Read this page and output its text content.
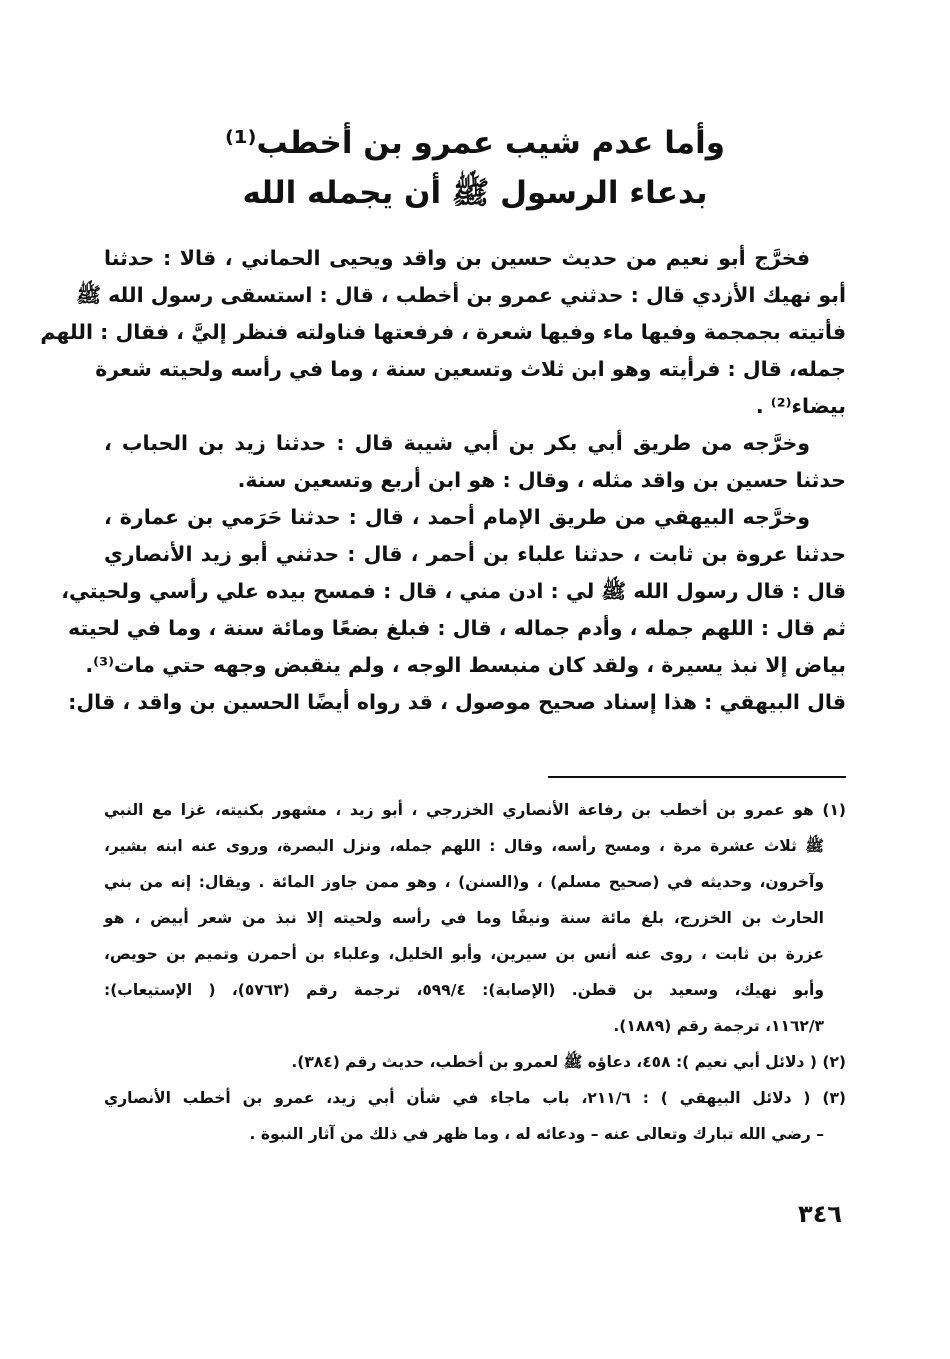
وأما عدم شيب عمرو بن أخطب⁽¹⁾
بدعاء الرسول ﷺ أن يجمله الله
فخرَّج أبو نعيم من حديث حسين بن واقد ويحيى الحماني ، قالا : حدثنا
أبو نهيك الأزدي قال : حدثني عمرو بن أخطب ، قال : استسقى رسول الله ﷺ
فأتيته بجمجمة وفيها ماء وفيها شعرة ، فرفعتها فناولته فنظر إليَّ ، فقال : اللهم
جمله، قال : فرأيته وهو ابن ثلاث وتسعين سنة ، وما في رأسه ولحيته شعرة
بيضاء⁽²⁾ .
وخرَّجه من طريق أبي بكر بن أبي شيبة قال : حدثنا زيد بن الحباب ،
حدثنا حسين بن واقد مثله ، وقال : هو ابن أربع وتسعين سنة.
وخرَّجه البيهقي من طريق الإمام أحمد ، قال : حدثنا حَرَمي بن عمارة ،
حدثنا عروة بن ثابت ، حدثنا علباء بن أحمر ، قال : حدثني أبو زيد الأنصاري
قال : قال رسول الله ﷺ لي : ادن مني ، قال : فمسح بيده علي رأسي ولحيتي،
ثم قال : اللهم جمله ، وأدم جماله ، قال : فبلغ بضعًا ومائة سنة ، وما في لحيته
بياض إلا نبذ يسيرة ، ولقد كان منبسط الوجه ، ولم ينقبض وجهه حتي مات⁽³⁾.
قال البيهقي : هذا إسناد صحيح موصول ، قد رواه أيضًا الحسين بن واقد ، قال:
(١) هو عمرو بن أخطب بن رفاعة الأنصاري الخزرجي ، أبو زيد ، مشهور بكنيته، غزا مع النبي
ﷺ ثلاث عشرة مرة ، ومسح رأسه، وقال : اللهم جمله، ونزل البصرة، وروى عنه ابنه بشير،
وآخرون، وحديثه في (صحيح مسلم) ، و(السنن) ، وهو ممن جاوز المائة . ويقال: إنه من بني
الحارث بن الخزرج، بلغ مائة سنة ونيفًا وما في رأسه ولحيته إلا نبذ من شعر أبيض ، هو
عزرة بن ثابت ، روى عنه أنس بن سيرين، وأبو الخليل، وعلباء بن أحمرن وتميم بن حويص،
وأبو نهيك، وسعيد بن قطن. (الإصابة): ٥٩٩/٤، ترجمة رقم (٥٧٦٣)، ( الإستيعاب):
١١٦٢/٣، ترجمة رقم (١٨٨٩).
(٢) ( دلائل أبي نعيم ): ٤٥٨، دعاؤه ﷺ لعمرو بن أخطب، حديث رقم (٣٨٤).
(٣) ( دلائل البيهقي ) : ٢١١/٦، باب ماجاء في شأن أبي زيد، عمرو بن أخطب الأنصاري
– رضي الله تبارك وتعالى عنه – ودعائه له ، وما ظهر في ذلك من آثار النبوة .
٣٤٦
